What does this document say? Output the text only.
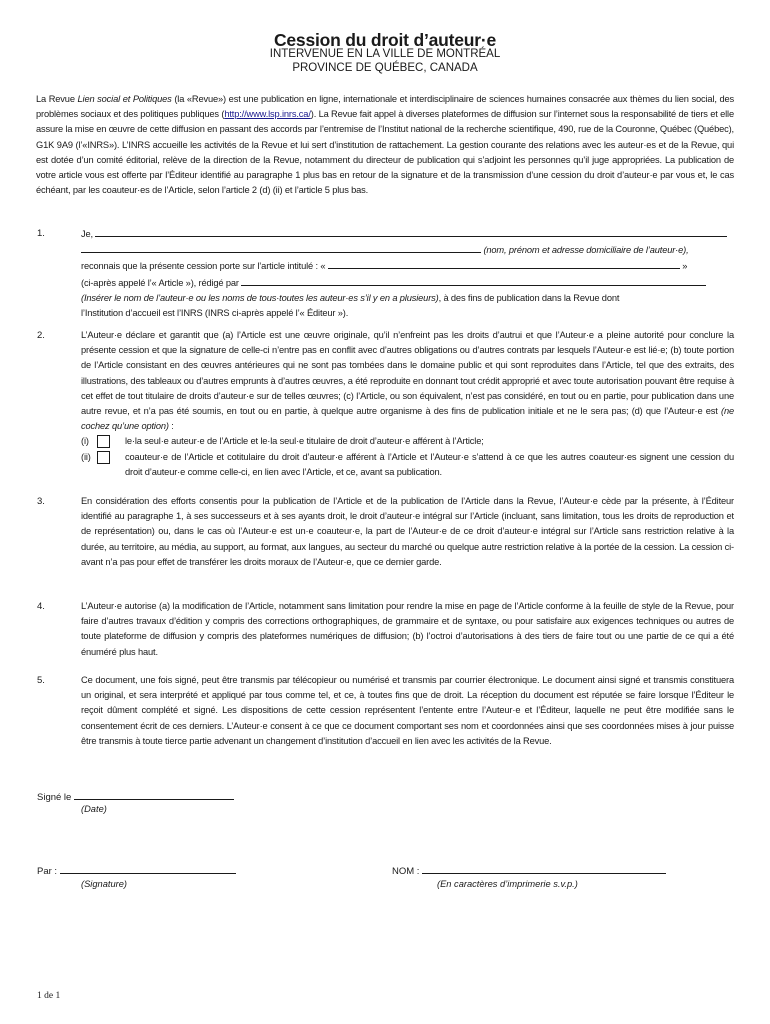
Cession du droit d’auteur·e
INTERVENUE EN LA VILLE DE MONTRÉAL
PROVINCE DE QUÉBEC, CANADA
La Revue Lien social et Politiques (la «Revue») est une publication en ligne, internationale et interdisciplinaire de sciences humaines consacrée aux thèmes du lien social, des problèmes sociaux et des politiques publiques (http://www.lsp.inrs.ca/). La Revue fait appel à diverses plateformes de diffusion sur l’internet sous la responsabilité de tiers et elle assure la mise en œuvre de cette diffusion en passant des accords par l’entremise de l’Institut national de la recherche scientifique, 490, rue de la Couronne, Québec (Québec), G1K 9A9 (l’«INRS»). L’INRS accueille les activités de la Revue et lui sert d’institution de rattachement. La gestion courante des relations avec les auteur·es et de la Revue, qui est dotée d’un comité éditorial, relève de la direction de la Revue, notamment du directeur de publication qui s’adjoint les personnes qu’il juge appropriées. La publication de votre article vous est offerte par l’Éditeur identifié au paragraphe 1 plus bas en retour de la signature et de la transmission d’une cession du droit d’auteur·e par vous et, le cas échéant, par les coauteur·es de l’Article, selon l’article 2 (d) (ii) et l’article 5 plus bas.
1.	Je,
(nom, prénom et adresse domiciliaire de l’auteur·e),
reconnais que la présente cession porte sur l’article intitulé : «	»
(ci-après appelé l’« Article »), rédigé par
(Insérer le nom de l’auteur·e ou les noms de tous·toutes les auteur·es s’il y en a plusieurs), à des fins de publication dans la Revue dont
l’Institution d’accueil est l’INRS (INRS ci-après appelé l’« Éditeur »).
2.	L’Auteur·e déclare et garantit que (a) l’Article est une œuvre originale, qu’il n’enfreint pas les droits d’autrui et que l’Auteur·e a pleine autorité pour conclure la présente cession et que la signature de celle-ci n’entre pas en conflit avec d’autres obligations ou d’autres contrats par lesquels l’Auteur·e est lié·e; (b) toute portion de l’Article consistant en des œuvres antérieures qui ne sont pas tombées dans le domaine public et qui sont reproduites dans l’Article, tel que des extraits, des illustrations, des tableaux ou d’autres emprunts à d’autres œuvres, a été reproduite en donnant tout crédit approprié et avec toute autorisation pouvant être requise à cet effet de tout titulaire de droits d’auteur·e sur de telles œuvres; (c) l’Article, ou son équivalent, n’est pas considéré, en tout ou en partie, pour publication dans une autre revue, et n’a pas été soumis, en tout ou en partie, à quelque autre organisme à des fins de publication initiale et ne le sera pas; (d) que l’Auteur·e est (ne cochez qu’une option) :
(i)	le·la seul·e auteur·e de l’Article et le·la seul·e titulaire de droit d’auteur·e afférent à l’Article;
(ii)	coauteur·e de l’Article et cotitulaire du droit d’auteur·e afférent à l’Article et l’Auteur·e s’attend à ce que les autres coauteur·es signent une cession du droit d’auteur·e comme celle-ci, en lien avec l’Article, et ce, avant sa publication.
3.	En considération des efforts consentis pour la publication de l’Article et de la publication de l’Article dans la Revue, l’Auteur·e cède par la présente, à l’Éditeur identifié au paragraphe 1, à ses successeurs et à ses ayants droit, le droit d’auteur·e intégral sur l’Article (incluant, sans limitation, tous les droits de reproduction et de représentation) ou, dans le cas où l’Auteur·e est un·e coauteur·e, la part de l’Auteur·e de ce droit d’auteur·e intégral sur l’Article sans restriction relative à la durée, au territoire, au média, au support, au format, aux langues, au secteur du marché ou quelque autre restriction relative à la portée de la cession. La cession ci-avant n’a pas pour effet de transférer les droits moraux de l’Auteur·e, que ce dernier garde.
4.	L’Auteur·e autorise (a) la modification de l’Article, notamment sans limitation pour rendre la mise en page de l’Article conforme à la feuille de style de la Revue, pour faire d’autres travaux d’édition y compris des corrections orthographiques, de grammaire et de syntaxe, ou pour satisfaire aux exigences techniques ou autres de toute plateforme de diffusion y compris des plateformes numériques de diffusion; (b) l’octroi d’autorisations à des tiers de faire tout ou une partie de ce qui a été énuméré plus haut.
5.	Ce document, une fois signé, peut être transmis par télécopieur ou numérisé et transmis par courrier électronique. Le document ainsi signé et transmis constituera un original, et sera interprété et appliqué par tous comme tel, et ce, à toutes fins que de droit. La réception du document est réputée se faire lorsque l’Éditeur le reçoit dûment complété et signé. Les dispositions de cette cession représentent l’entente entre l’Auteur·e et l’Éditeur, laquelle ne peut être modifiée sans le consentement écrit de ces derniers. L’Auteur·e consent à ce que ce document comportant ses nom et coordonnées ainsi que ses coordonnées mises à jour puisse être transmis à toute tierce partie advenant un changement d’institution d’accueil en lien avec les activités de la Revue.
Signé le
(Date)
Par :
(Signature)
NOM :
(En caractères d’imprimerie s.v.p.)
1 de 1
